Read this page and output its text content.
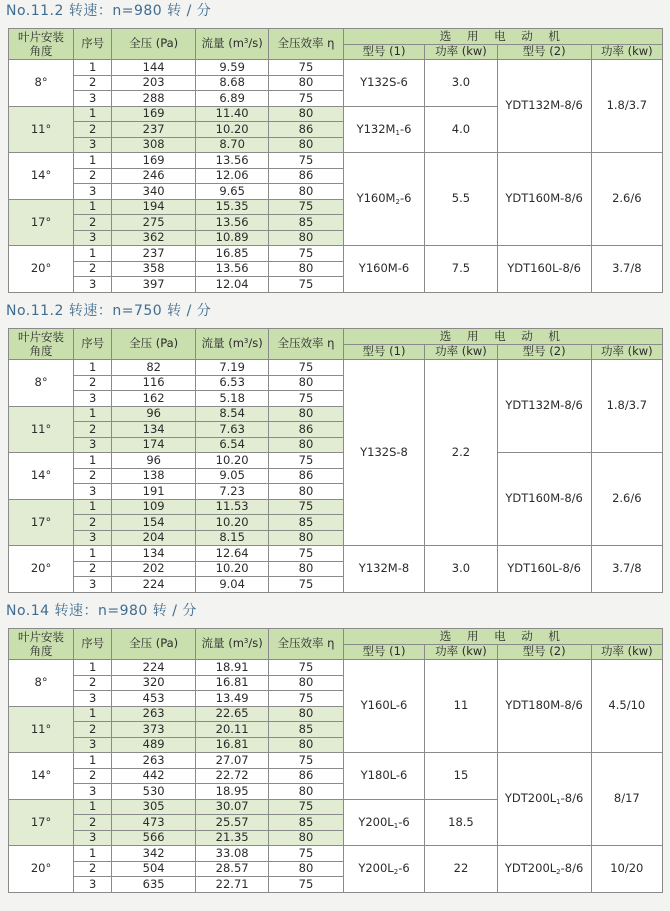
No.11.2 转速：n=980 转 / 分
叶片安装
角度	序号	全压 (Pa)	流量 $(m^3/s)$	全压效率 η	选 用 电 动 机			
					型号 (1)	功率 (kw)	型号 (2)	功率 (kw)
8°	1	144	9.59	75	Y132S-6	3.0	YDT132M-8/6	1.8/3.7
	2	203	8.68	80				
	3	288	6.89	75				
11°	1	169	11.40	80	$Y132M_1-6$	4.0		
	2	237	10.20	86				
	3	308	8.70	80				
14°	1	169	13.56	75	$Y160M_2-6$	5.5	YDT160M-8/6	2.6/6
	2	246	12.06	86				
	3	340	9.65	80				
17°	1	194	15.35	75				
	2	275	13.56	85				
	3	362	10.89	80				
20°	1	237	16.85	75	Y160M-6	7.5	YDT160L-8/6	3.7/8
	2	358	13.56	80				
	3	397	12.04	75				
No.11.2 转速：n=750 转 / 分
叶片安装
角度	序号	全压 (Pa)	流量 $(m^3/s)$	全压效率 η	选 用 电 动 机			
					型号 (1)	功率 (kw)	型号 (2)	功率 (kw)
8°	1	82	7.19	75	Y132S-8	2.2	YDT132M-8/6	1.8/3.7
	2	116	6.53	80				
	3	162	5.18	75				
11°	1	96	8.54	80				
	2	134	7.63	86				
	3	174	6.54	80				
14°	1	96	10.20	75			YDT160M-8/6	2.6/6
	2	138	9.05	86				
	3	191	7.23	80				
17°	1	109	11.53	75				
	2	154	10.20	85				
	3	204	8.15	80				
20°	1	134	12.64	75	Y132M-8	3.0	YDT160L-8/6	3.7/8
	2	202	10.20	80				
	3	224	9.04	75				
No.14 转速：n=980 转 / 分
叶片安装
角度	序号	全压 (Pa)	流量 $(m^3/s)$	全压效率 η	选 用 电 动 机			
					型号 (1)	功率 (kw)	型号 (2)	功率 (kw)
8°	1	224	18.91	75	Y160L-6	11	YDT180M-8/6	4.5/10
	2	320	16.81	80				
	3	453	13.49	75				
11°	1	263	22.65	80				
	2	373	20.11	85				
	3	489	16.81	80				
14°	1	263	27.07	75	Y180L-6	15	$YDT200L_1-8/6$	8/17
	2	442	22.72	86				
	3	530	18.95	80				
17°	1	305	30.07	75	$Y200L_1-6$	18.5		
	2	473	25.57	85				
	3	566	21.35	80				
20°	1	342	33.08	75	$Y200L_2-6$	22	$YDT200L_2-8/6$	10/20
	2	504	28.57	80				
	3	635	22.71	75				
